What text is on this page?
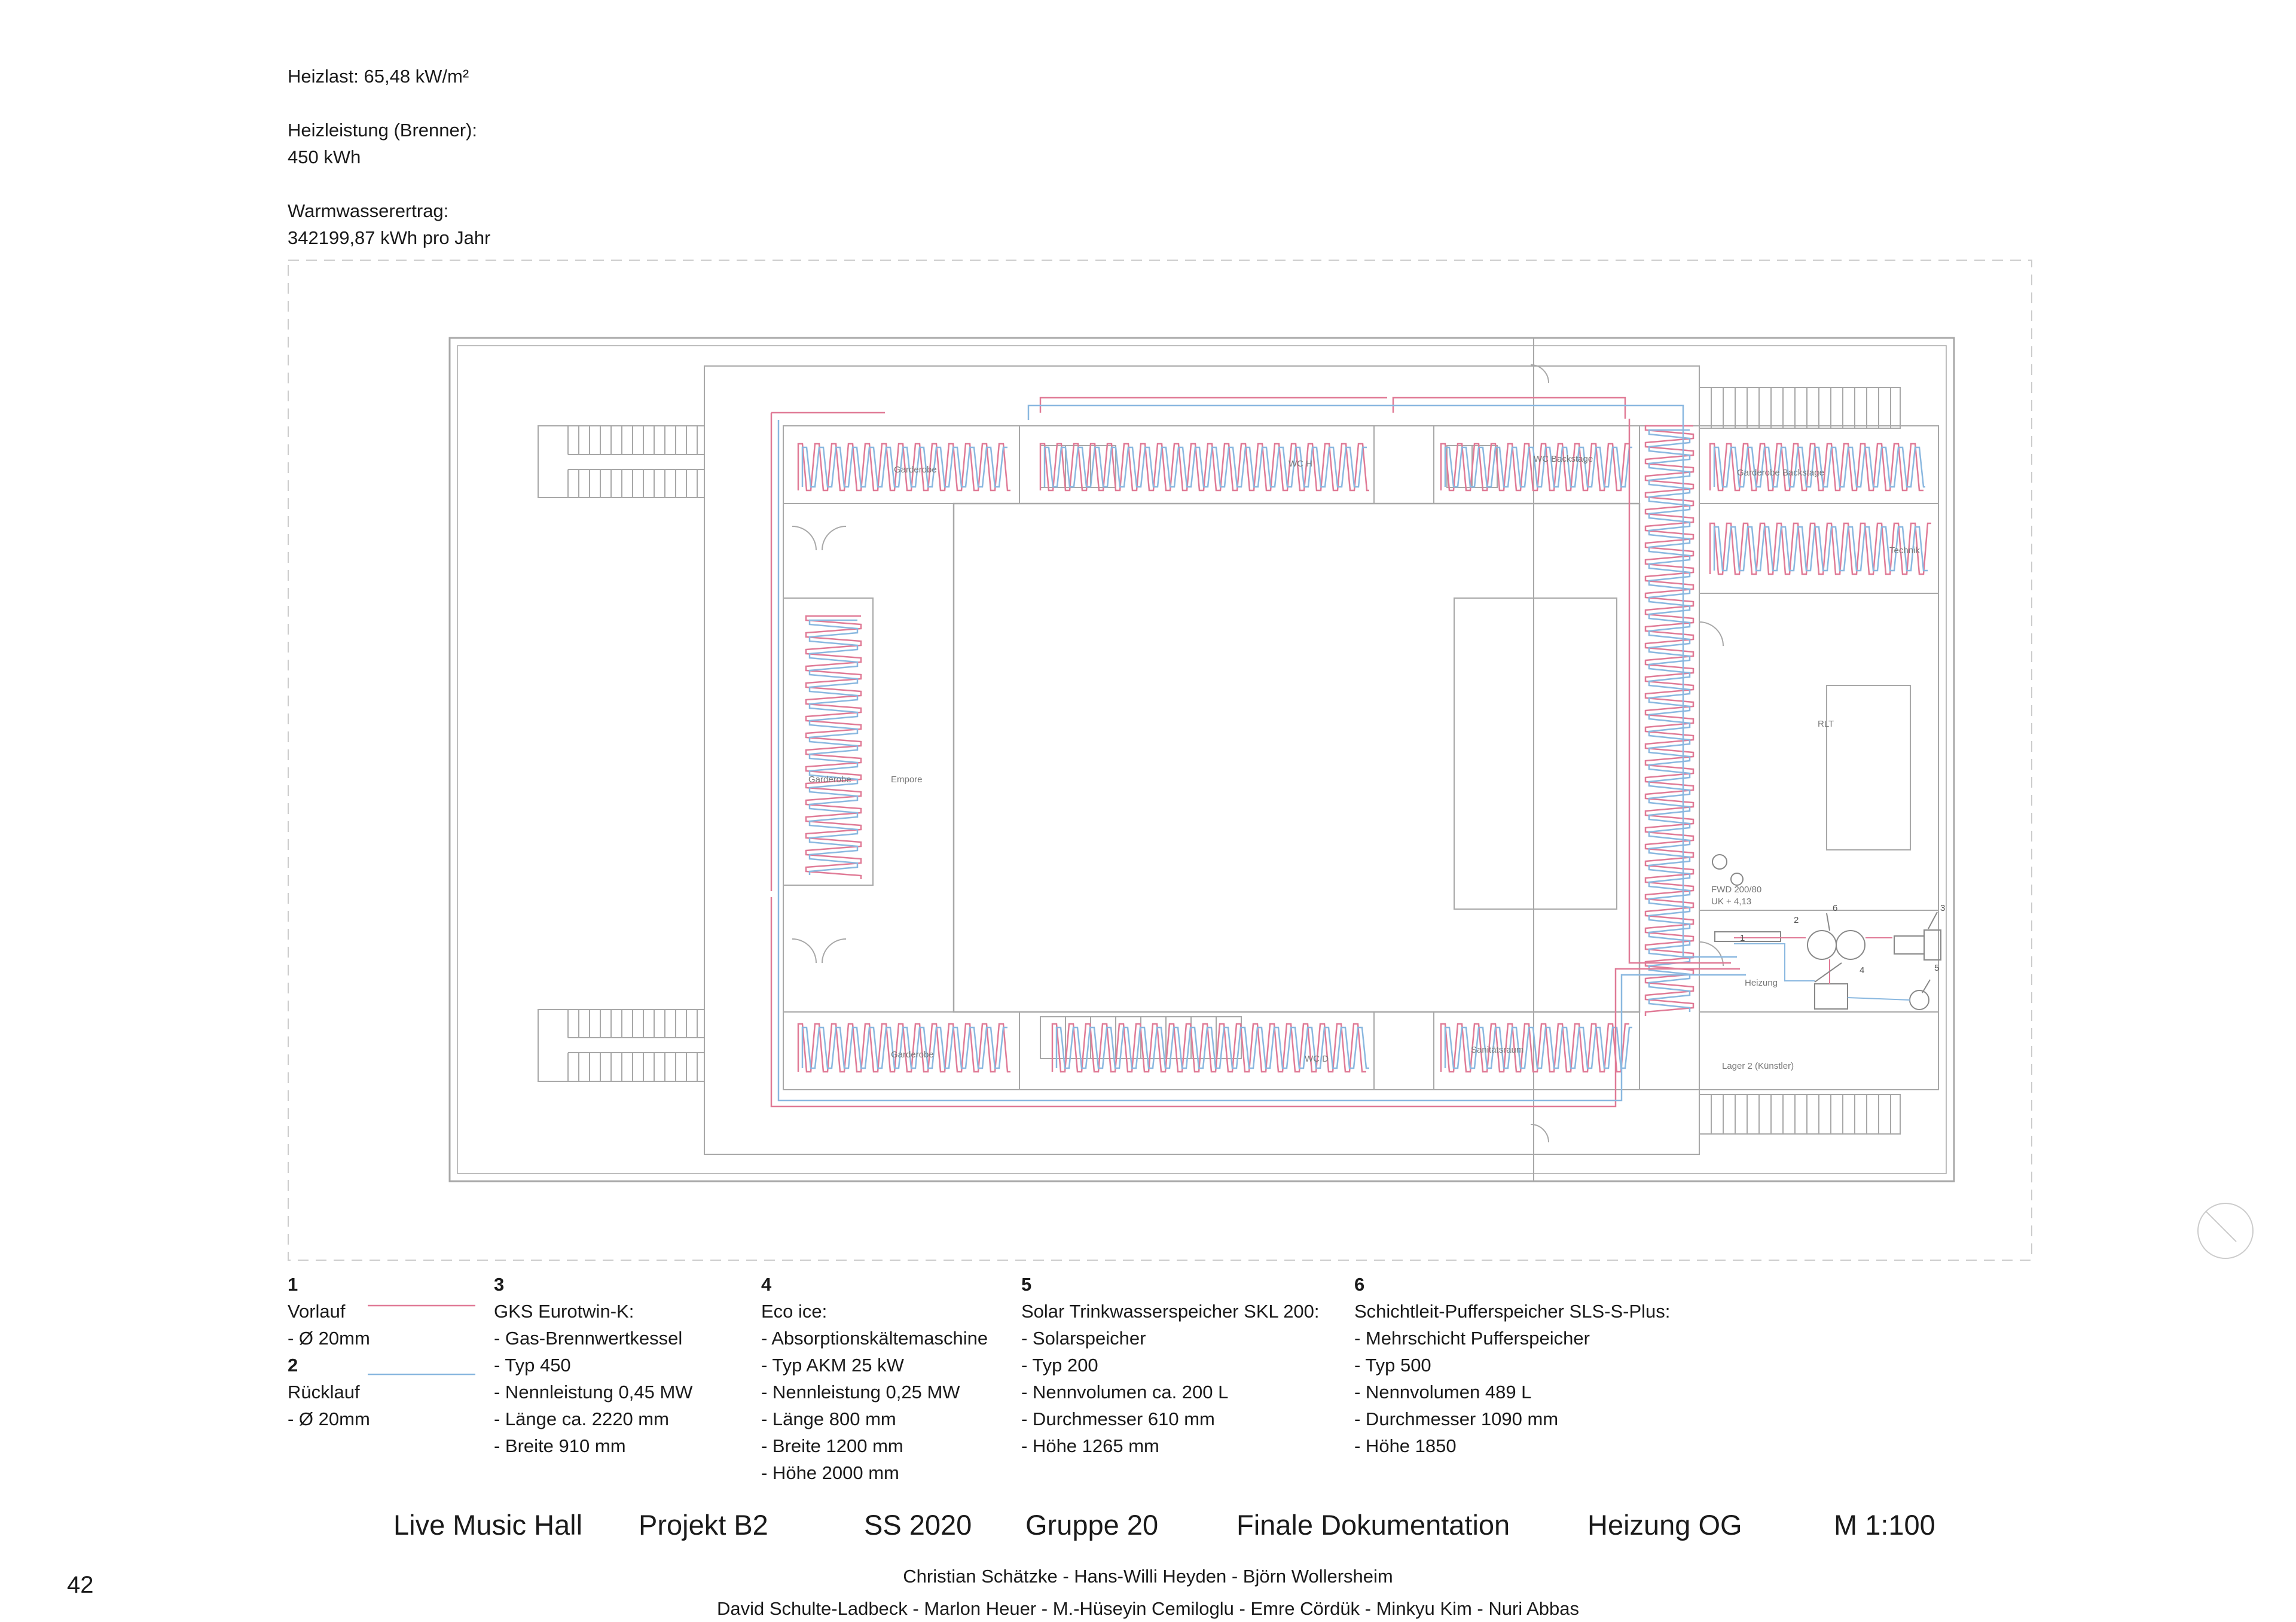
Heizlast: 65,48 kW/m²
Heizleistung (Brenner):
450 kWh
Warmwasserertrag:
342199,87 kWh pro Jahr
Garderobe
WC H	WC Backstage
Garderobe Backstage
Technik
RLT
Empore
Garderobe
FWD 200/80
UK + 4,13
Heizung
Garderobe	WC D
Sanitätsraum
Lager 2 (Künstler)
1
2
3
4	5
6
1
Vorlauf
- Ø 20mm
2
Rücklauf
- Ø 20mm
3
GKS Eurotwin-K:
- Gas-Brennwertkessel
- Typ 450
- Nennleistung 0,45 MW
- Länge ca. 2220 mm
- Breite 910 mm
4
Eco ice:
- Absorptionskältemaschine
- Typ AKM 25 kW
- Nennleistung 0,25 MW
- Länge 800 mm
- Breite 1200 mm
- Höhe 2000 mm
5
Solar Trinkwasserspeicher SKL 200:
- Solarspeicher
- Typ 200
- Nennvolumen ca. 200 L
- Durchmesser 610 mm
- Höhe 1265 mm
6
Schichtleit-Pufferspeicher SLS-S-Plus:
- Mehrschicht Pufferspeicher
- Typ 500
- Nennvolumen 489 L
- Durchmesser 1090 mm
- Höhe 1850
Live Music Hall Projekt B2	SS 2020 Gruppe 20	Finale Dokumentation	Heizung OG	M 1:100
Christian Schätzke - Hans-Willi Heyden - Björn Wollersheim
David Schulte-Ladbeck - Marlon Heuer - M.-Hüseyin Cemiloglu - Emre Cördük - Minkyu Kim - Nuri Abbas
42
